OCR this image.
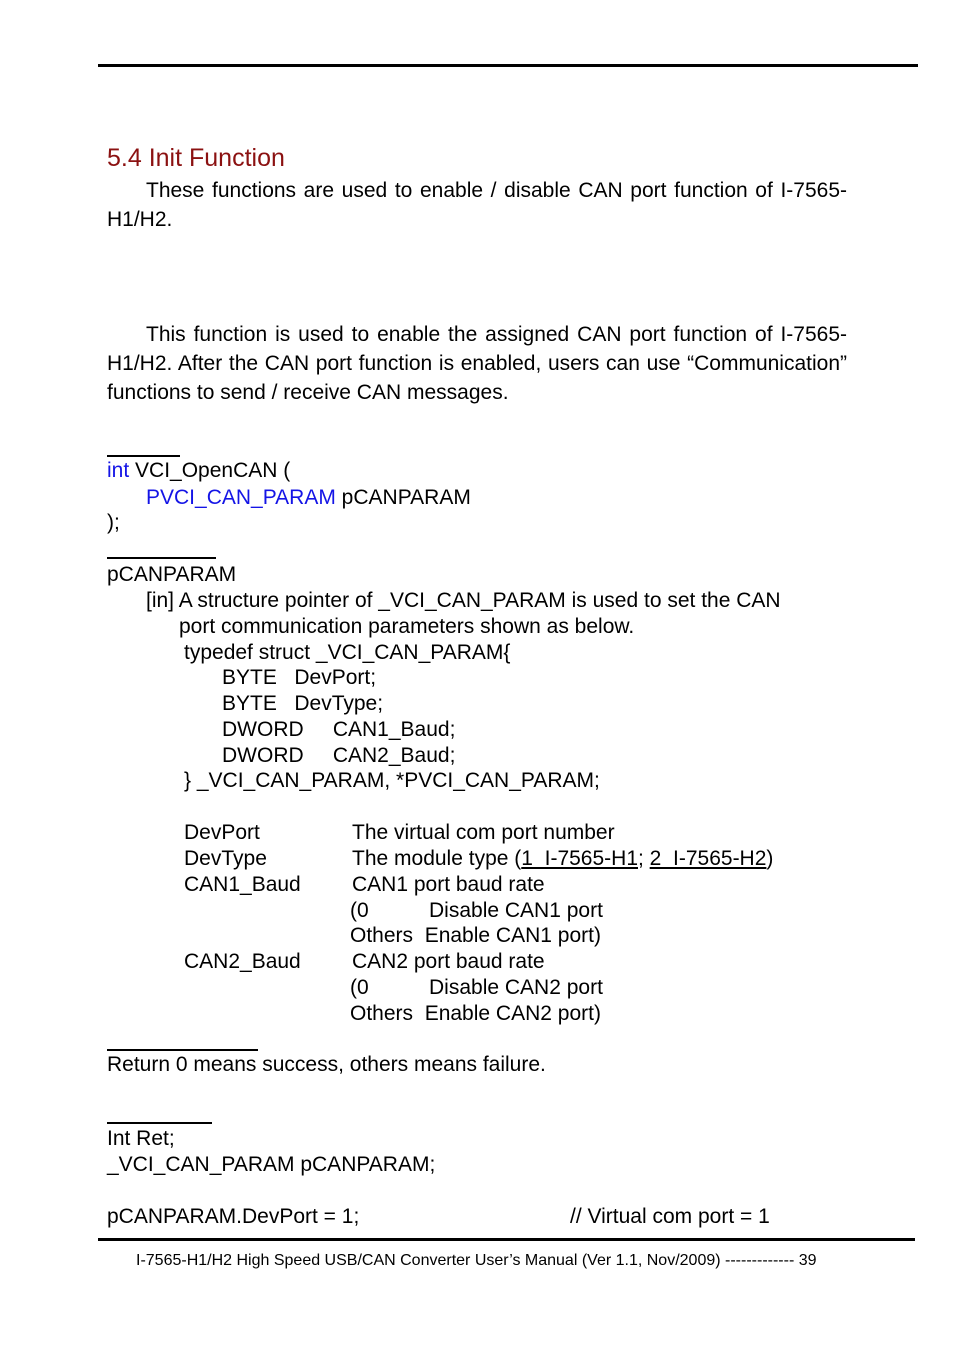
5.4 Init Function
These functions are used to enable / disable CAN port function of I-7565-H1/H2.
This function is used to enable the assigned CAN port function of I-7565-H1/H2. After the CAN port function is enabled, users can use “Communication” functions to send / receive CAN messages.
int VCI_OpenCAN (
PVCI_CAN_PARAM pCANPARAM
);
pCANPARAM
[in] A structure pointer of _VCI_CAN_PARAM is used to set the CAN
port communication parameters shown as below.
typedef struct _VCI_CAN_PARAM{
BYTE   DevPort;
BYTE   DevType;
DWORD     CAN1_Baud;
DWORD     CAN2_Baud;
} _VCI_CAN_PARAM, *PVCI_CAN_PARAM;
DevPort	The virtual com port number
DevType	The module type (1  I-7565-H1; 2  I-7565-H2)
CAN1_Baud CAN1 port baud rate
(0	Disable CAN1 port
Others  Enable CAN1 port)
CAN2_Baud CAN2 port baud rate
(0	Disable CAN2 port
Others  Enable CAN2 port)
Return 0 means success, others means failure.
Int Ret;
_VCI_CAN_PARAM pCANPARAM;
pCANPARAM.DevPort = 1;	// Virtual com port = 1
I-7565-H1/H2 High Speed USB/CAN Converter User’s Manual (Ver 1.1, Nov/2009) ------------- 39
